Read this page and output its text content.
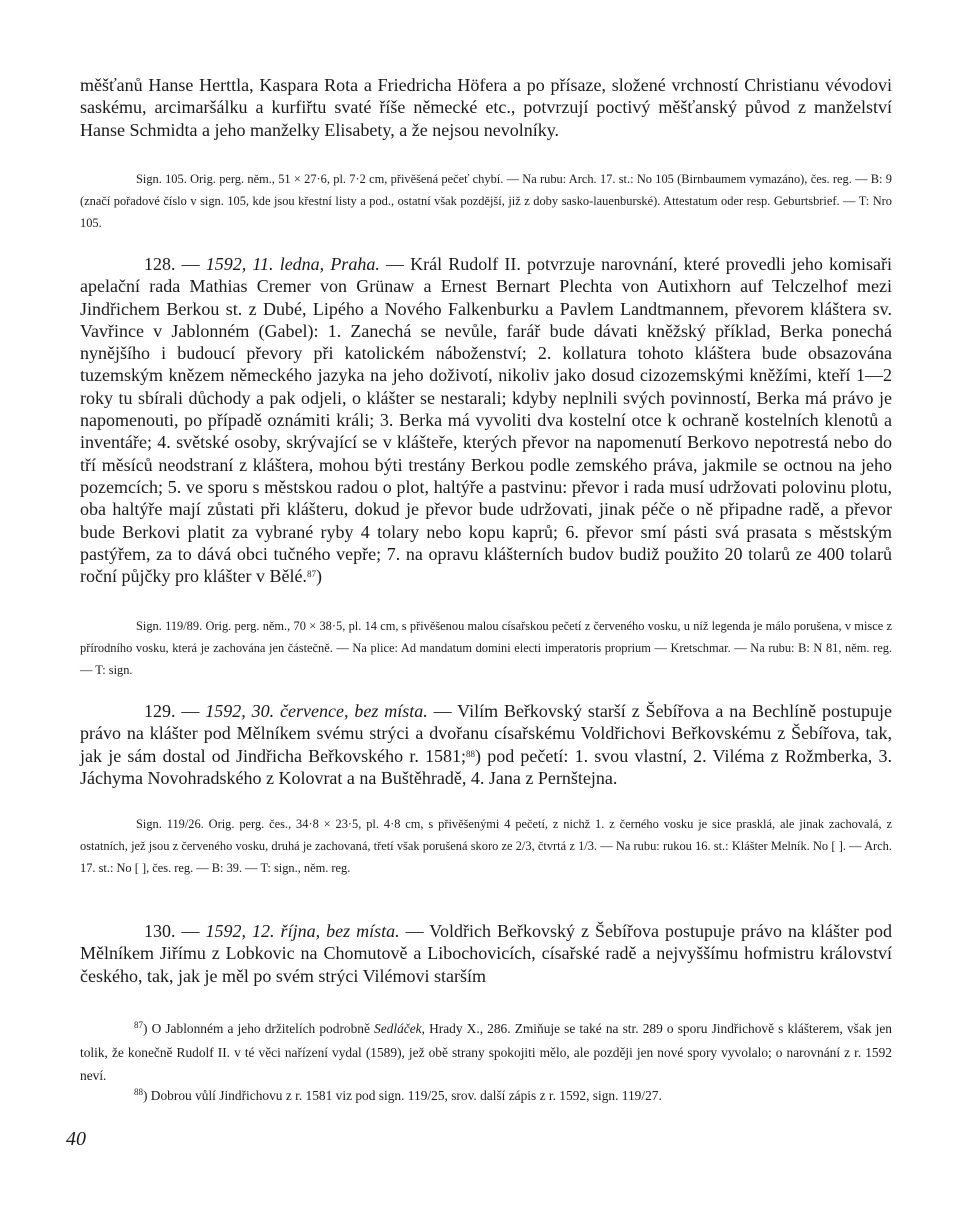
měšťanů Hanse Herttla, Kaspara Rota a Friedricha Höfera a po přísaze, složené vrchností Christianu vévodovi saskému, arcimaršálku a kurfiřtu svaté říše německé etc., potvrzují poctivý měšťanský původ z manželství Hanse Schmidta a jeho manželky Elisabety, a že nejsou nevolníky.

Sign. 105. Orig. perg. něm., 51 × 27·6, pl. 7·2 cm, přivěšená pečeť chybí. — Na rubu: Arch. 17. st.: No 105 (Birnbaumem vymazáno), čes. reg. — B: 9 (značí pořadové číslo v sign. 105, kde jsou křestní listy a pod., ostatní však pozdější, již z doby sasko-lauenburské). Attestatum oder resp. Geburtsbrief. — T: Nro 105.

128. — 1592, 11. ledna, Praha. — Král Rudolf II. potvrzuje narovnání, které provedli jeho komisaři apelační rada Mathias Cremer von Grünaw a Ernest Bernart Plechta von Autixhorn auf Telczelhof mezi Jindřichem Berkou st. z Dubé, Lipého a Nového Falkenburku a Pavlem Landtmannem, převorem kláštera sv. Vavřince v Jablonném (Gabel): 1. Zanechá se nevůle, farář bude dávati kněžský příklad, Berka ponechá nynějšího i budoucí převory při katolickém náboženství; 2. kollatura tohoto kláštera bude obsazována tuzemským knězem německého jazyka na jeho doživotí, nikoliv jako dosud cizozemskými kněžími, kteří 1—2 roky tu sbírali důchody a pak odjeli, o klášter se nestarali; kdyby neplnili svých povinností, Berka má právo je napomenouti, po případě oznámiti králi; 3. Berka má vyvoliti dva kostelní otce k ochraně kostelních klenotů a inventáře; 4. světské osoby, skrývající se v klášteře, kterých převor na napomenutí Berkovo nepotrestá nebo do tří měsíců neodstraní z kláštera, mohou býti trestány Berkou podle zemského práva, jakmile se octnou na jeho pozemcích; 5. ve sporu s městskou radou o plot, haltýře a pastvinu: převor i rada musí udržovati polovinu plotu, oba haltýře mají zůstati při klášteru, dokud je převor bude udržovati, jinak péče o ně připadne radě, a převor bude Berkovi platit za vybrané ryby 4 tolary nebo kopu kaprů; 6. převor smí pásti svá prasata s městským pastýřem, za to dává obci tučného vepře; 7. na opravu klášterních budov budiž použito 20 tolarů ze 400 tolarů roční půjčky pro klášter v Bělé.$^{87}$)

Sign. 119/89. Orig. perg. něm., 70 × 38·5, pl. 14 cm, s přivěšenou malou císařskou pečetí z červeného vosku, u níž legenda je málo porušena, v misce z přírodního vosku, která je zachována jen částečně. — Na plice: Ad mandatum domini electi imperatoris proprium — Kretschmar. — Na rubu: B: N 81, něm. reg. — T: sign.

129. — 1592, 30. července, bez místa. — Vilím Beřkovský starší z Šebířova a na Bechlíně postupuje právo na klášter pod Mělníkem svému strýci a dvořanu císařskému Voldřichovi Beřkovskému z Šebířova, tak, jak je sám dostal od Jindřicha Beřkovského r. 1581;$^{88}$) pod pečetí: 1. svou vlastní, 2. Viléma z Rožmberka, 3. Jáchyma Novohradského z Kolovrat a na Buštěhradě, 4. Jana z Pernštejna.

Sign. 119/26. Orig. perg. čes., 34·8 × 23·5, pl. 4·8 cm, s přivěšenými 4 pečetí, z nichž 1. z černého vosku je sice prasklá, ale jinak zachovalá, z ostatních, jež jsou z červeného vosku, druhá je zachovaná, třetí však porušená skoro ze 2/3, čtvrtá z 1/3. — Na rubu: rukou 16. st.: Klášter Melník. No [ ]. — Arch. 17. st.: No [ ], čes. reg. — B: 39. — T: sign., něm. reg.

130. — 1592, 12. října, bez místa. — Voldřich Beřkovský z Šebířova postupuje právo na klášter pod Mělníkem Jiřímu z Lobkovic na Chomutově a Libochovicích, císařské radě a nejvyššímu hofmistru království českého, tak, jak je měl po svém strýci Vilémovi starším

$^{87}$) O Jablonném a jeho držitelích podrobně Sedláček, Hrady X., 286. Zmiňuje se také na str. 289 o sporu Jindřichově s klášterem, však jen tolik, že konečně Rudolf II. v té věci nařízení vydal (1589), jež obě strany spokojiti mělo, ale později jen nové spory vyvolalo; o narovnání z r. 1592 neví.

$^{88}$) Dobrou vůlí Jindřichovu z r. 1581 viz pod sign. 119/25, srov. další zápis z r. 1592, sign. 119/27.

40
